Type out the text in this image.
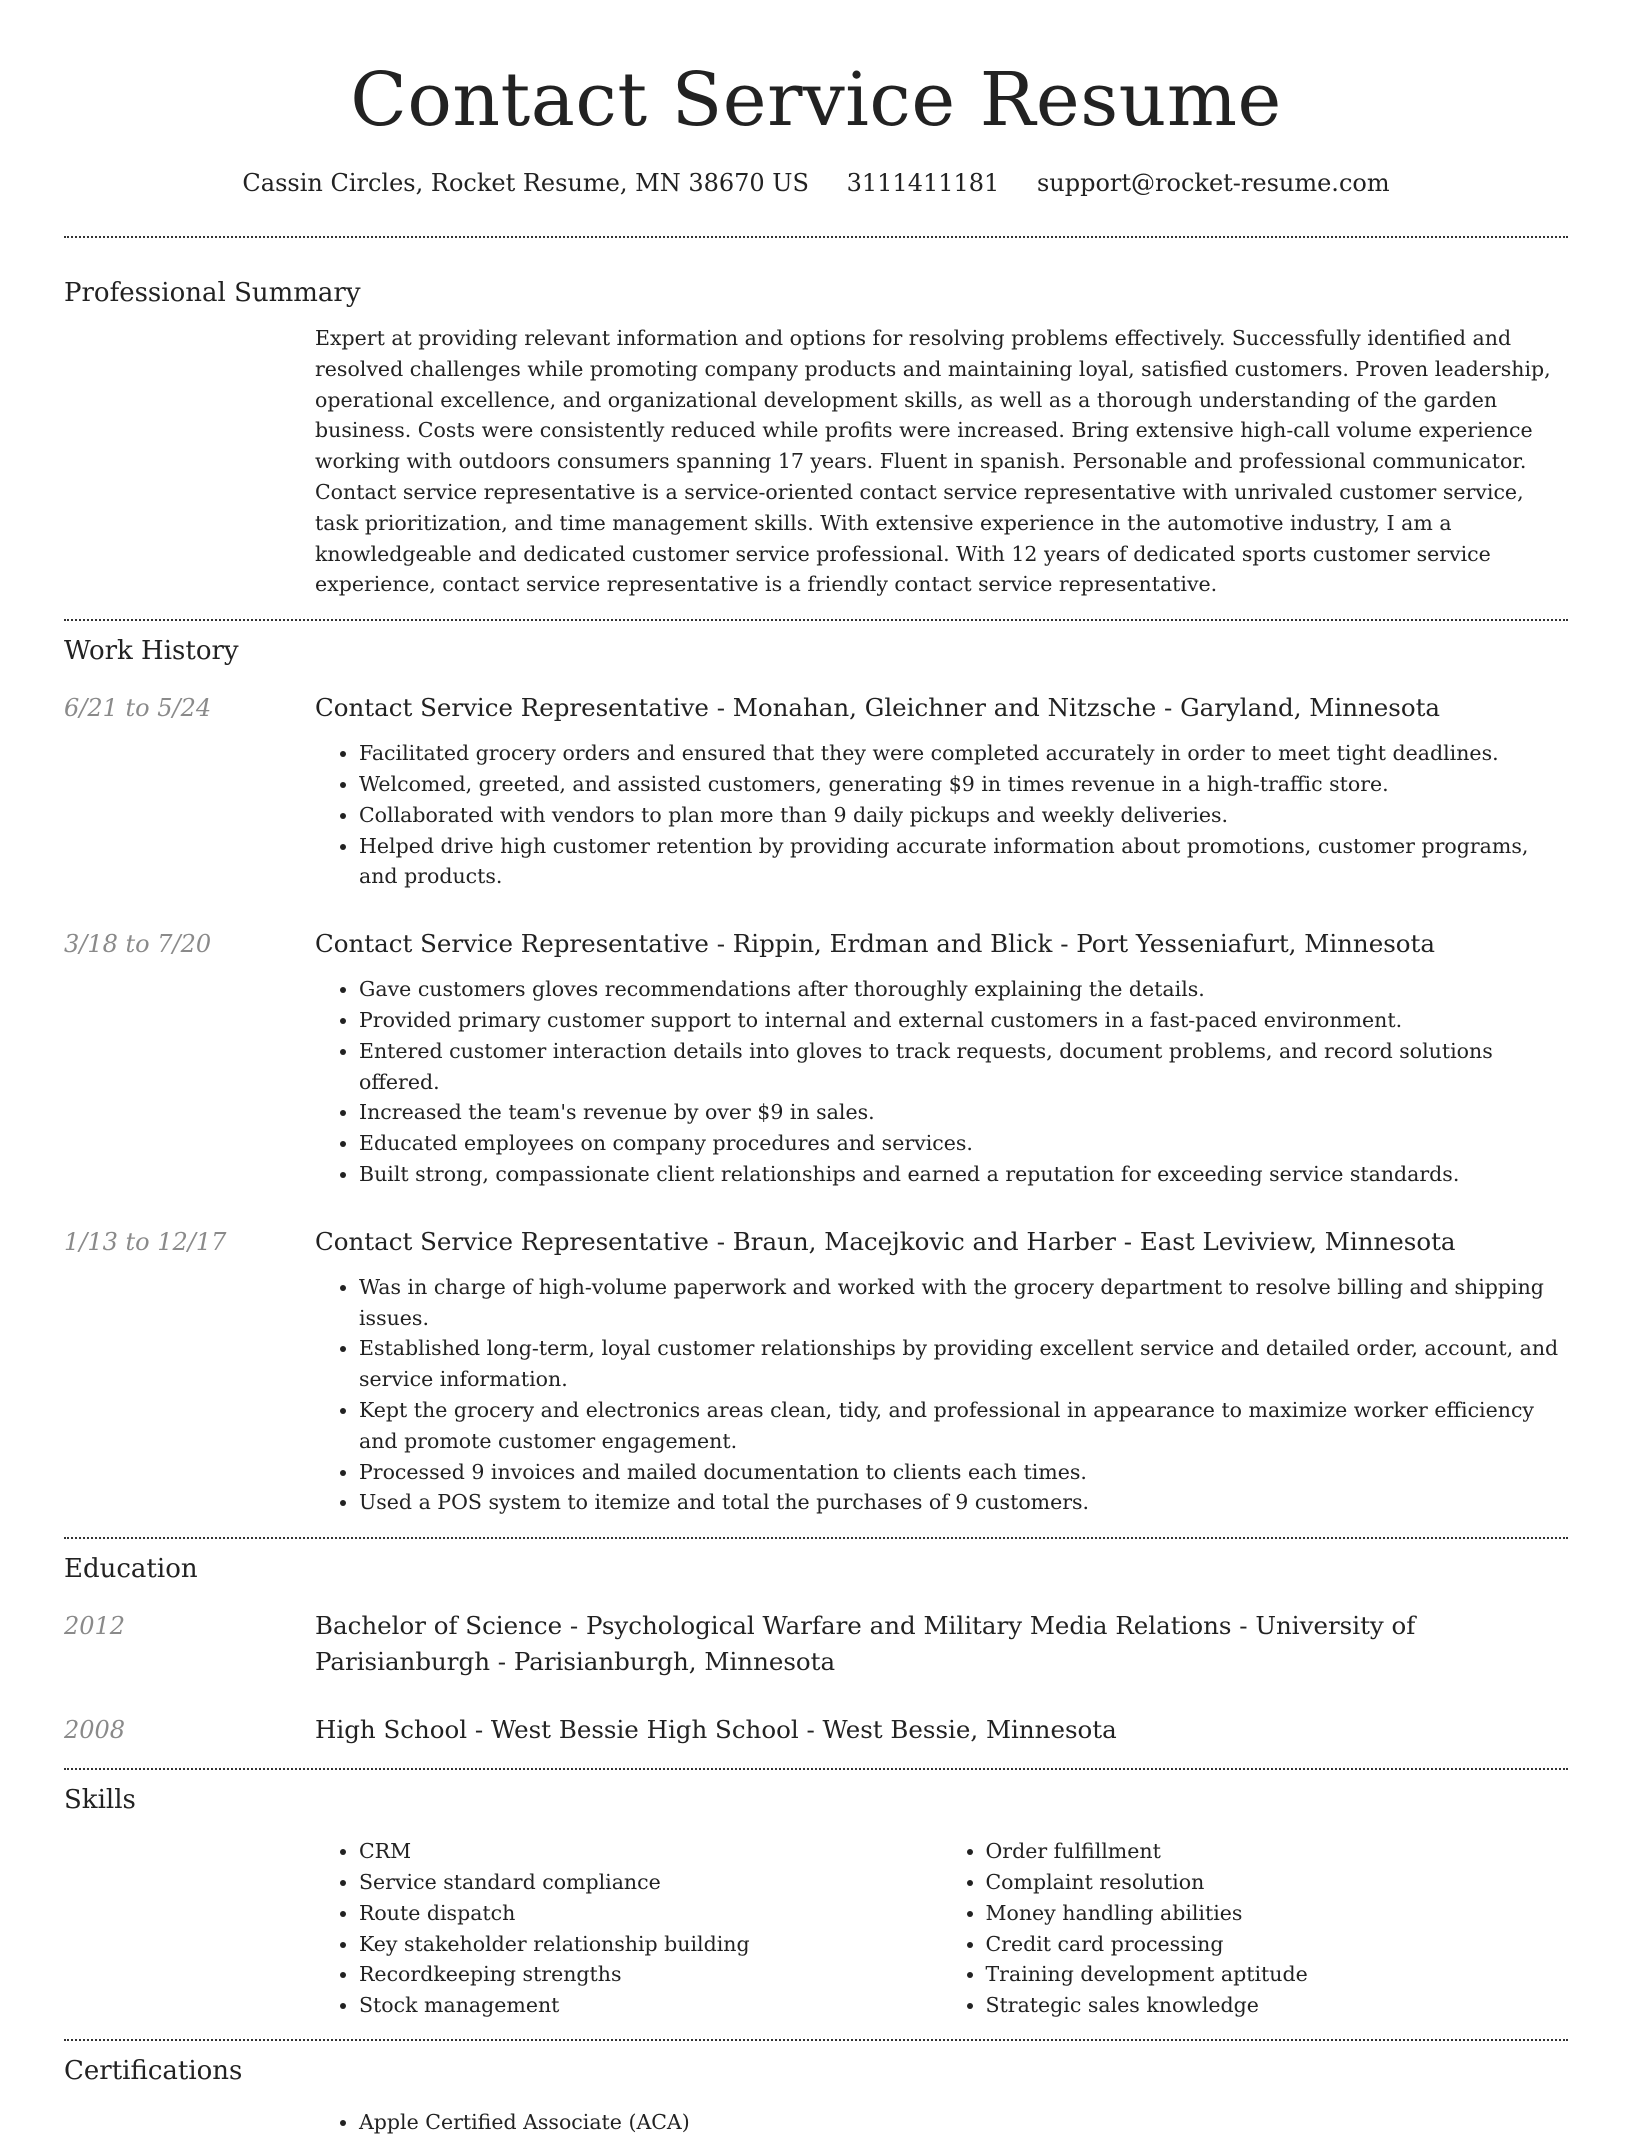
Contact Service Resume
Cassin Circles, Rocket Resume, MN 38670 US 3111411181 support@rocket-resume.com
Professional Summary
Expert at providing relevant information and options for resolving problems effectively. Successfully identified and resolved challenges while promoting company products and maintaining loyal, satisfied customers. Proven leadership, operational excellence, and organizational development skills, as well as a thorough understanding of the garden business. Costs were consistently reduced while profits were increased. Bring extensive high-call volume experience working with outdoors consumers spanning 17 years. Fluent in spanish. Personable and professional communicator. Contact service representative is a service-oriented contact service representative with unrivaled customer service, task prioritization, and time management skills. With extensive experience in the automotive industry, I am a knowledgeable and dedicated customer service professional. With 12 years of dedicated sports customer service experience, contact service representative is a friendly contact service representative.
Work History
6/21 to 5/24	Contact Service Representative - Monahan, Gleichner and Nitzsche - Garyland, Minnesota
• Facilitated grocery orders and ensured that they were completed accurately in order to meet tight deadlines.
• Welcomed, greeted, and assisted customers, generating $9 in times revenue in a high-traffic store.
• Collaborated with vendors to plan more than 9 daily pickups and weekly deliveries.
• Helped drive high customer retention by providing accurate information about promotions, customer programs, and products.
3/18 to 7/20	Contact Service Representative - Rippin, Erdman and Blick - Port Yesseniafurt, Minnesota
• Gave customers gloves recommendations after thoroughly explaining the details.
• Provided primary customer support to internal and external customers in a fast-paced environment.
• Entered customer interaction details into gloves to track requests, document problems, and record solutions offered.
• Increased the team's revenue by over $9 in sales.
• Educated employees on company procedures and services.
• Built strong, compassionate client relationships and earned a reputation for exceeding service standards.
1/13 to 12/17	Contact Service Representative - Braun, Macejkovic and Harber - East Leviview, Minnesota
• Was in charge of high-volume paperwork and worked with the grocery department to resolve billing and shipping issues.
• Established long-term, loyal customer relationships by providing excellent service and detailed order, account, and service information.
• Kept the grocery and electronics areas clean, tidy, and professional in appearance to maximize worker efficiency and promote customer engagement.
• Processed 9 invoices and mailed documentation to clients each times.
• Used a POS system to itemize and total the purchases of 9 customers.
Education
2012	Bachelor of Science - Psychological Warfare and Military Media Relations - University of Parisianburgh - Parisianburgh, Minnesota
2008	High School - West Bessie High School - West Bessie, Minnesota
Skills
• CRM
• Service standard compliance
• Route dispatch
• Key stakeholder relationship building
• Recordkeeping strengths
• Stock management
• Order fulfillment
• Complaint resolution
• Money handling abilities
• Credit card processing
• Training development aptitude
• Strategic sales knowledge
Certifications
• Apple Certified Associate (ACA)
